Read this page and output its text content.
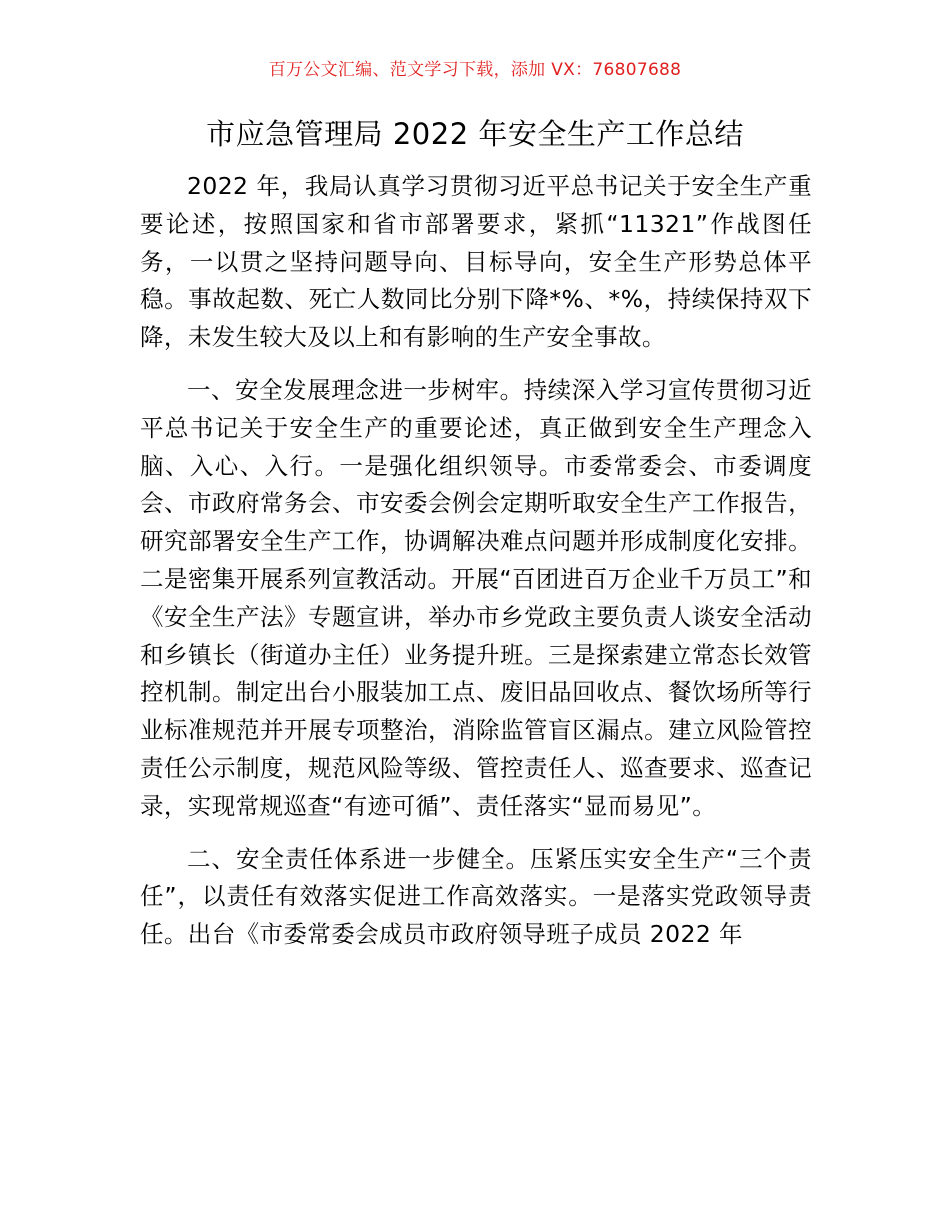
百万公文汇编、范文学习下载，添加 VX：76807688
市应急管理局 2022 年安全生产工作总结

2022 年，我局认真学习贯彻习近平总书记关于安全生产重要论述，按照国家和省市部署要求，紧抓“11321”作战图任务，一以贯之坚持问题导向、目标导向，安全生产形势总体平稳。事故起数、死亡人数同比分别下降*%、*%，持续保持双下降，未发生较大及以上和有影响的生产安全事故。

一、安全发展理念进一步树牢。持续深入学习宣传贯彻习近平总书记关于安全生产的重要论述，真正做到安全生产理念入脑、入心、入行。一是强化组织领导。市委常委会、市委调度会、市政府常务会、市安委会例会定期听取安全生产工作报告，研究部署安全生产工作，协调解决难点问题并形成制度化安排。二是密集开展系列宣教活动。开展“百团进百万企业千万员工”和《安全生产法》专题宣讲，举办市乡党政主要负责人谈安全活动和乡镇长（街道办主任）业务提升班。三是探索建立常态长效管控机制。制定出台小服装加工点、废旧品回收点、餐饮场所等行业标准规范并开展专项整治，消除监管盲区漏点。建立风险管控责任公示制度，规范风险等级、管控责任人、巡查要求、巡查记录，实现常规巡查“有迹可循”、责任落实“显而易见”。

二、安全责任体系进一步健全。压紧压实安全生产“三个责任”，以责任有效落实促进工作高效落实。一是落实党政领导责任。出台《市委常委会成员市政府领导班子成员 2022 年
